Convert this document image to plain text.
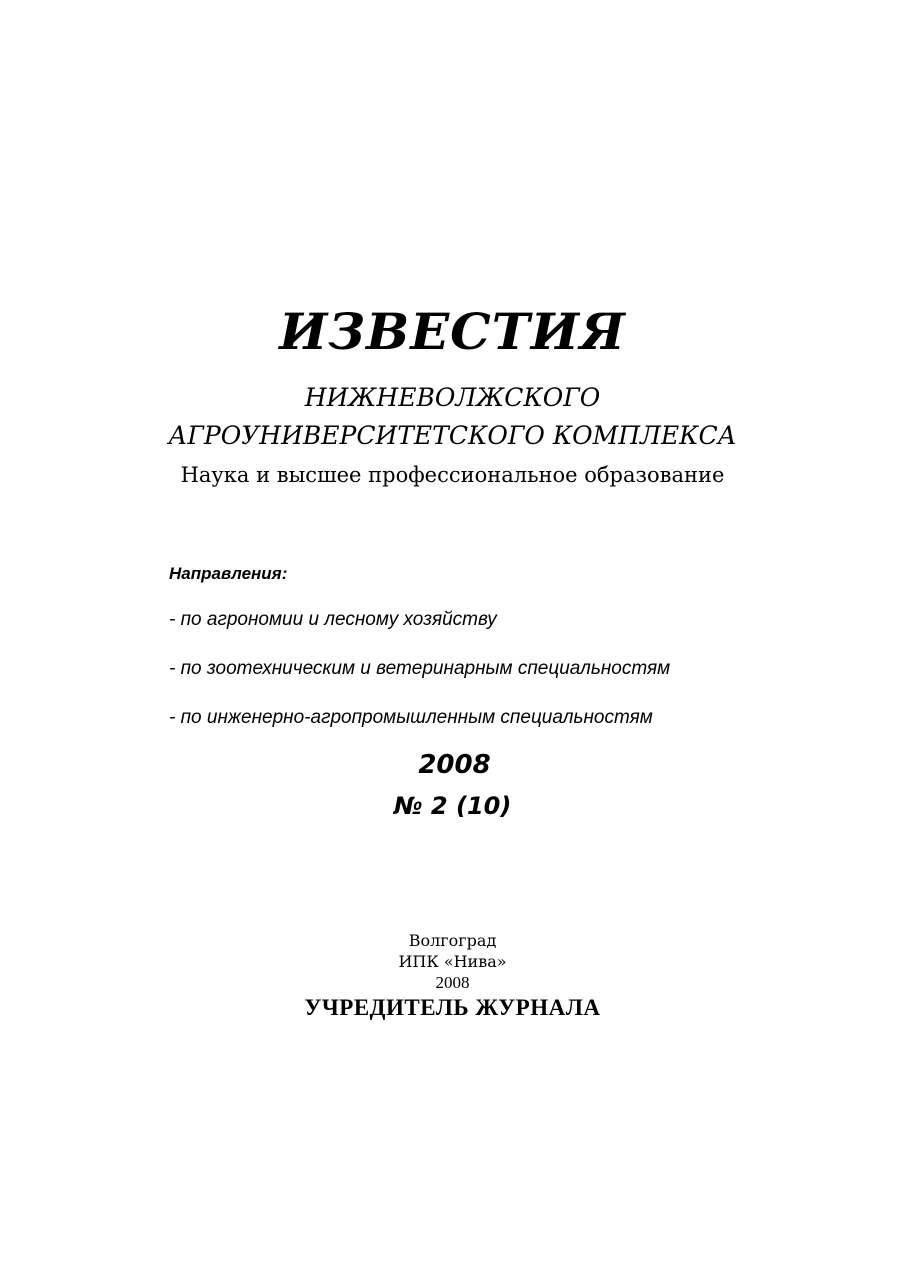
ИЗВЕСТИЯ
НИЖНЕВОЛЖСКОГО
АГРОУНИВЕРСИТЕТСКОГО КОМПЛЕКСА
Наука и высшее профессиональное образование
Направления:
- по агрономии и лесному хозяйству
- по зоотехническим и ветеринарным специальностям
- по инженерно-агропромышленным специальностям
2008
№ 2 (10)
Волгоград
ИПК «Нива»
2008
УЧРЕДИТЕЛЬ ЖУРНАЛА
